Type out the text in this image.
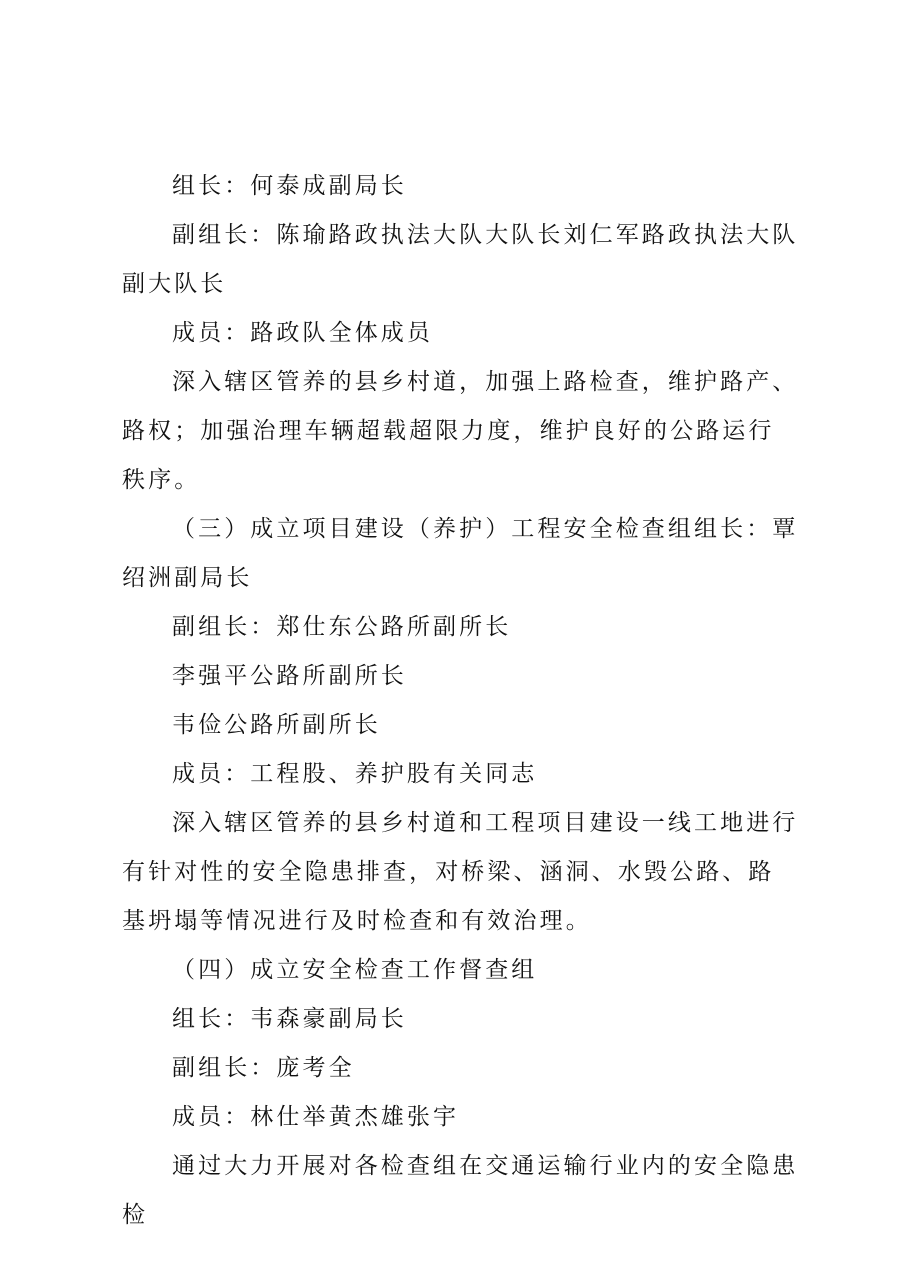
组长：何泰成副局长

副组长：陈瑜路政执法大队大队长刘仁军路政执法大队副大队长

成员：路政队全体成员

深入辖区管养的县乡村道，加强上路检查，维护路产、路权；加强治理车辆超载超限力度，维护良好的公路运行秩序。

（三）成立项目建设（养护）工程安全检查组组长：覃绍洲副局长

副组长：郑仕东公路所副所长

李强平公路所副所长

韦俭公路所副所长

成员：工程股、养护股有关同志

深入辖区管养的县乡村道和工程项目建设一线工地进行有针对性的安全隐患排查，对桥梁、涵洞、水毁公路、路基坍塌等情况进行及时检查和有效治理。

（四）成立安全检查工作督查组

组长：韦森豪副局长

副组长：庞考全

成员：林仕举黄杰雄张宇

通过大力开展对各检查组在交通运输行业内的安全隐患检
